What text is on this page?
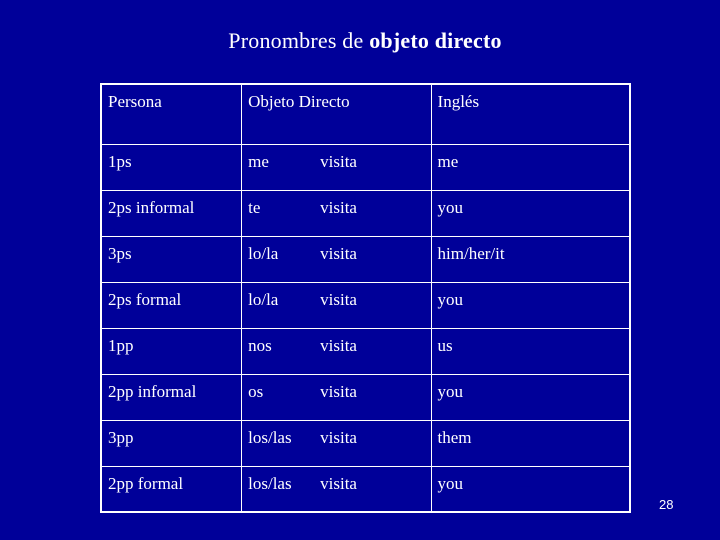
Pronombres de objeto directo
Persona	Objeto Directo	Inglés
1ps	me visita	me
2ps informal	te visita	you
3ps	lo/la visita	him/her/it
2ps formal	lo/la visita	you
1pp	nos visita	us
2pp informal	os visita	you
3pp	los/las visita	them
2pp formal	los/las visita	you
28
